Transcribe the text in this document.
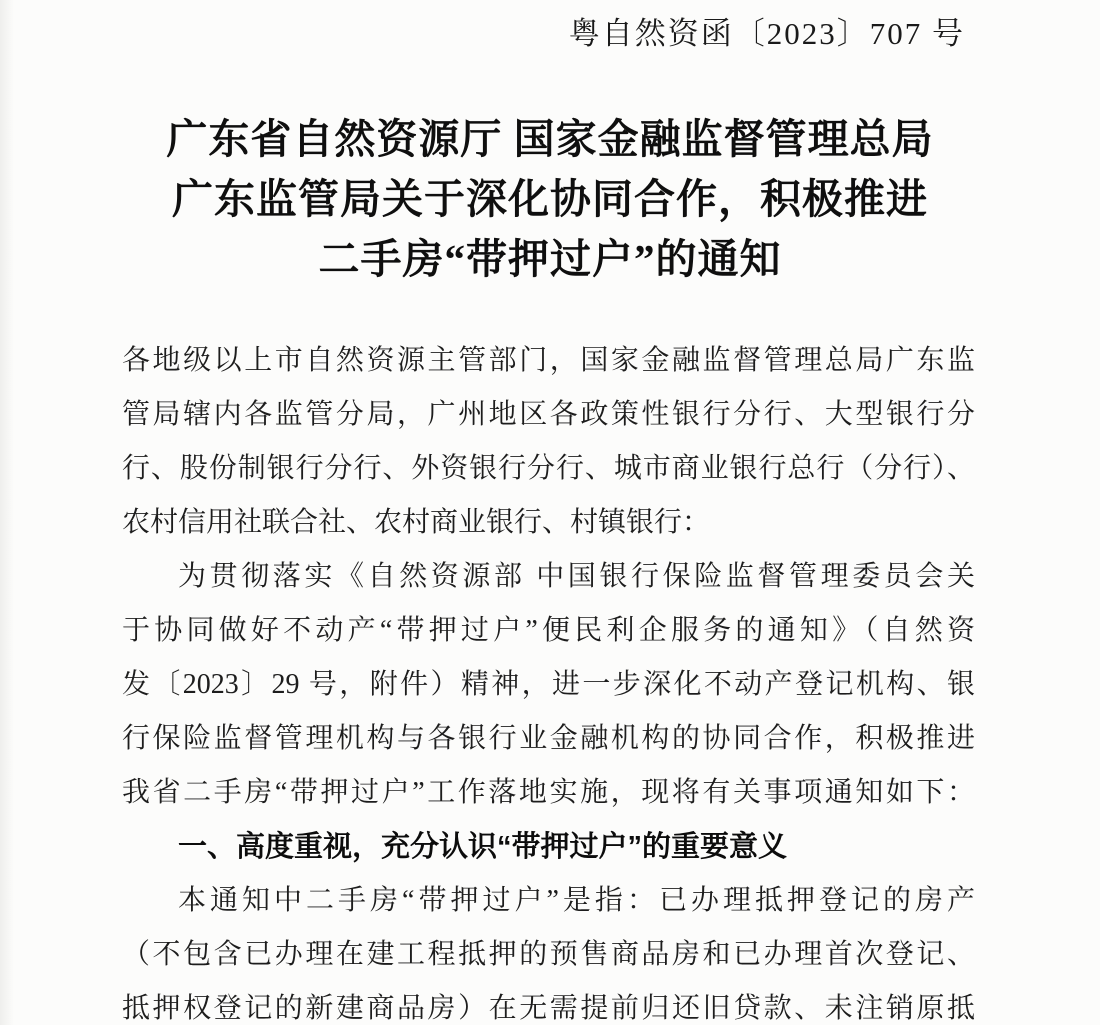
粤自然资函〔2023〕707 号
广东省自然资源厅 国家金融监督管理总局
广东监管局关于深化协同合作，积极推进
二手房“带押过户”的通知
各地级以上市自然资源主管部门，国家金融监督管理总局广东监
管局辖内各监管分局，广州地区各政策性银行分行、大型银行分
行、股份制银行分行、外资银行分行、城市商业银行总行（分行）、
农村信用社联合社、农村商业银行、村镇银行：
为贯彻落实《自然资源部 中国银行保险监督管理委员会关
于协同做好不动产“带押过户”便民利企服务的通知》（自然资
发〔2023〕29 号，附件）精神，进一步深化不动产登记机构、银
行保险监督管理机构与各银行业金融机构的协同合作，积极推进
我省二手房“带押过户”工作落地实施，现将有关事项通知如下：
一、高度重视，充分认识“带押过户”的重要意义
本通知中二手房“带押过户”是指：已办理抵押登记的房产
（不包含已办理在建工程抵押的预售商品房和已办理首次登记、
抵押权登记的新建商品房）在无需提前归还旧贷款、未注销原抵
